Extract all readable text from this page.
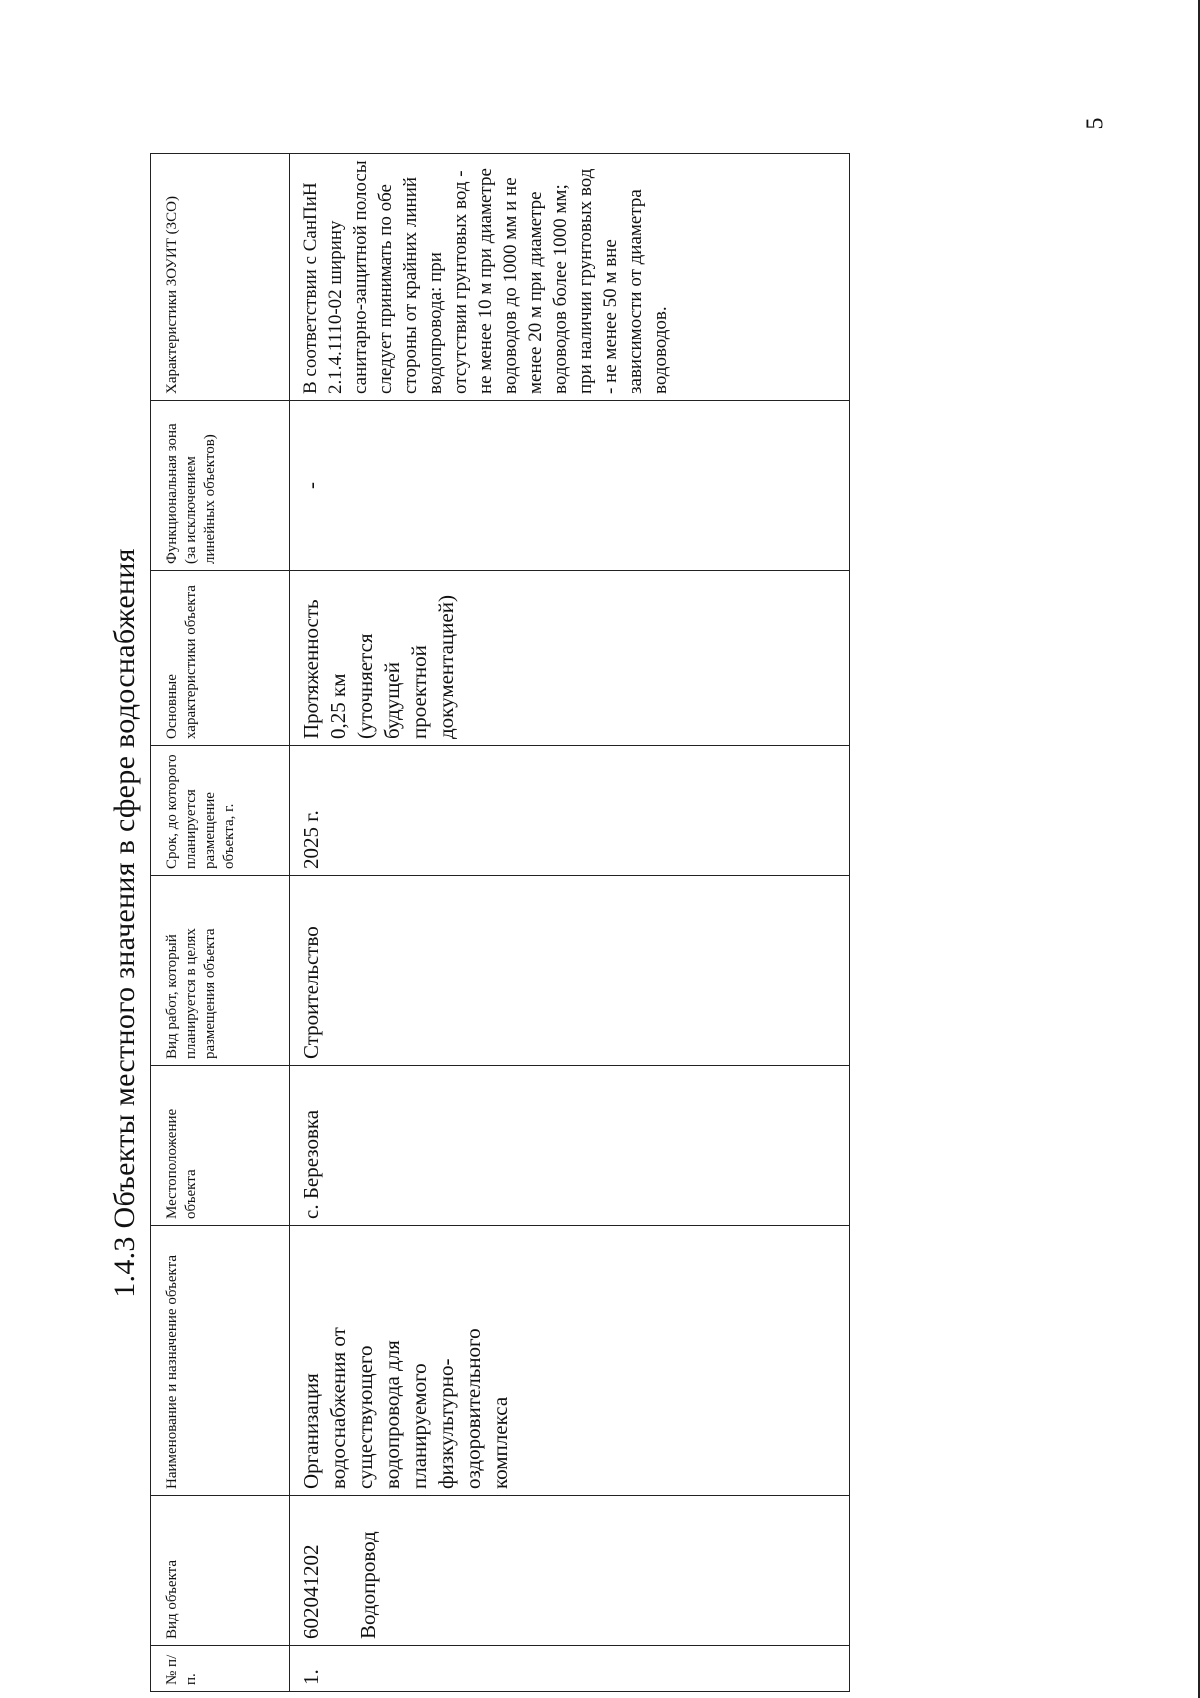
5
1.4.3 Объекты местного значения в сфере водоснабжения
№ п/п.	Вид объекта	Наименование и назначение объекта	Местоположение объекта	Вид работ, который планируется в целях размещения объекта	Срок, до которого планируется размещение объекта, г.	Основные характеристики объекта	Функциональная зона (за исключением линейных объектов)	Характеристики ЗОУИТ (ЗСО)
1.	602041202 Водопровод	Организация водоснабжения от существующего водопровода для планируемого физкультурно-оздоровительного комплекса	с. Березовка	Строительство	2025 г.	Протяженность 0,25 км (уточняется будущей проектной документацией)	-	В соответствии с СанПиН 2.1.4.1110-02 ширину санитарно-защитной полосы следует принимать по обе стороны от крайних линий водопровода: при отсутствии грунтовых вод - не менее 10 м при диаметре водоводов до 1000 мм и не менее 20 м при диаметре водоводов более 1000 мм; при наличии грунтовых вод - не менее 50 м вне зависимости от диаметра водоводов.
